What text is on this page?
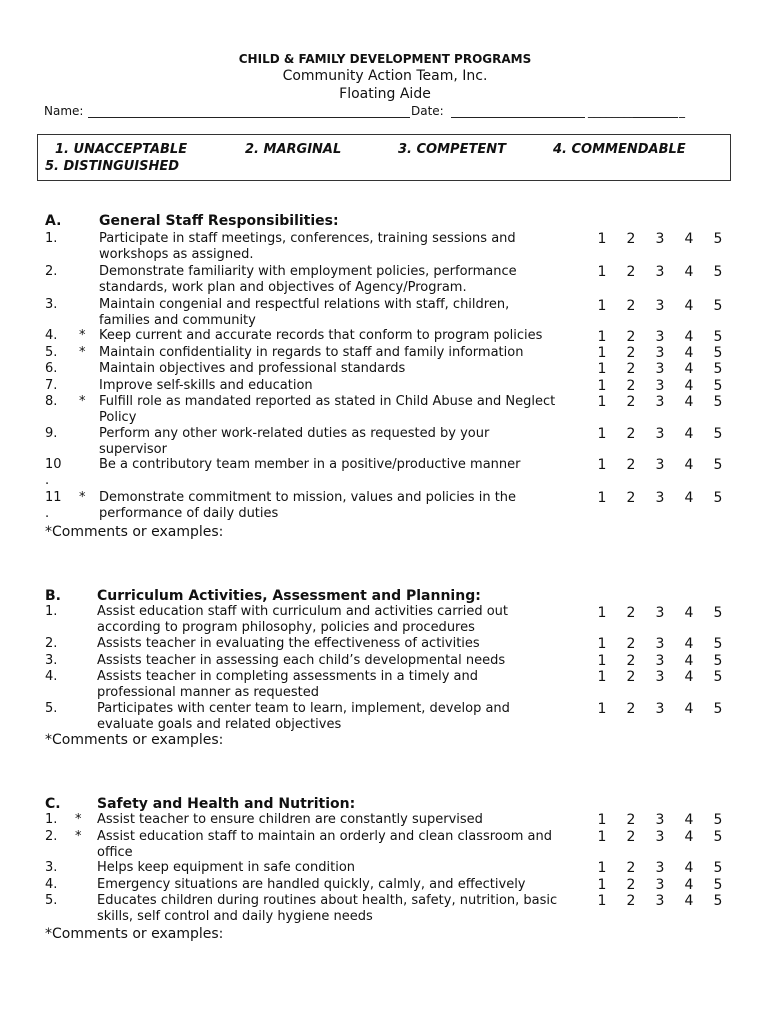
CHILD & FAMILY DEVELOPMENT PROGRAMS
Community Action Team, Inc.
Floating Aide
Name:	Date:	________	_
1. UNACCEPTABLE	2. MARGINAL	3. COMPETENT	4. COMMENDABLE
5. DISTINGUISHED
A.	General Staff Responsibilities:
1.	Participate in staff meetings, conferences, training sessions and
workshops as assigned.
1	2	3	4	5
2.	Demonstrate familiarity with employment policies, performance
standards, work plan and objectives of Agency/Program.
1	2	3	4	5
3.	Maintain congenial and respectful relations with staff, children,
families and community
1	2	3	4	5
4. * Keep current and accurate records that conform to program policies	1	2	3	4	5
5. * Maintain confidentiality in regards to staff and family information	1	2	3	4	5
6.	Maintain objectives and professional standards	1	2	3	4	5
7.	Improve self-skills and education	1	2	3	4	5
8. * Fulfill role as mandated reported as stated in Child Abuse and Neglect
Policy
1	2	3	4	5
9.	Perform any other work-related duties as requested by your
supervisor
1	2	3	4	5
10
.
Be a contributory team member in a positive/productive manner	1	2	3	4	5
11
.
* Demonstrate commitment to mission, values and policies in the
performance of daily duties
1	2	3	4	5
*Comments or examples:
B.	Curriculum Activities, Assessment and Planning:
1.	Assist education staff with curriculum and activities carried out
according to program philosophy, policies and procedures
1	2	3	4	5
2.	Assists teacher in evaluating the effectiveness of activities	1	2	3	4	5
3.	Assists teacher in assessing each child’s developmental needs	1	2	3	4	5
4.	Assists teacher in completing assessments in a timely and
professional manner as requested
1	2	3	4	5
5.	Participates with center team to learn, implement, develop and
evaluate goals and related objectives
1	2	3	4	5
*Comments or examples:
C.	Safety and Health and Nutrition:
1. * Assist teacher to ensure children are constantly supervised	1	2	3	4	5
2. * Assist education staff to maintain an orderly and clean classroom and
office
1	2	3	4	5
3.	Helps keep equipment in safe condition	1	2	3	4	5
4.	Emergency situations are handled quickly, calmly, and effectively	1	2	3	4	5
5.	Educates children during routines about health, safety, nutrition, basic
skills, self control and daily hygiene needs
1	2	3	4	5
*Comments or examples:
